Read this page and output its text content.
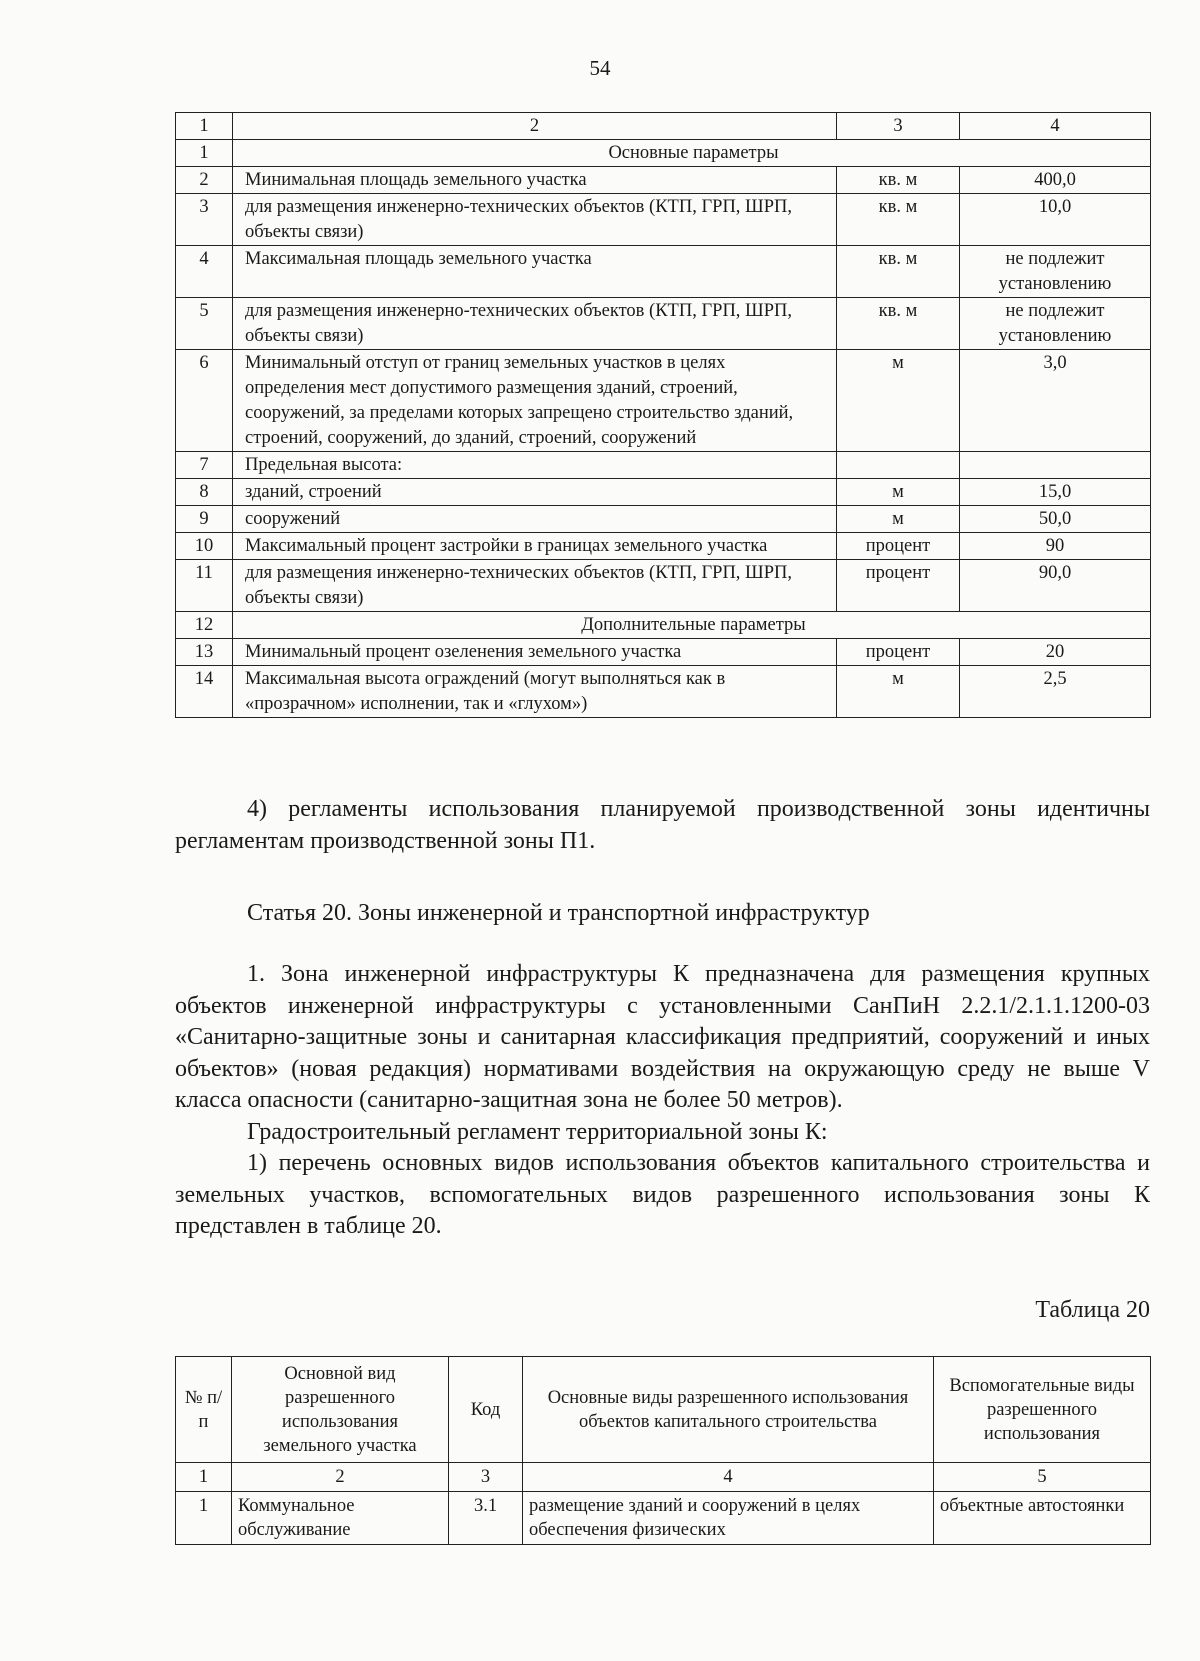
54
1	2	3	4
1	Основные параметры		
2	Минимальная площадь земельного участка	кв. м	400,0
3	для размещения инженерно-технических объектов (КТП, ГРП, ШРП, объекты связи)	кв. м	10,0
4	Максимальная площадь земельного участка	кв. м	не подлежит установлению
5	для размещения инженерно-технических объектов (КТП, ГРП, ШРП, объекты связи)	кв. м	не подлежит установлению
6	Минимальный отступ от границ земельных участков в целях определения мест допустимого размещения зданий, строений, сооружений, за пределами которых запрещено строительство зданий, строений, сооружений, до зданий, строений, сооружений	м	3,0
7	Предельная высота:		
8	зданий, строений	м	15,0
9	сооружений	м	50,0
10	Максимальный процент застройки в границах земельного участка	процент	90
11	для размещения инженерно-технических объектов (КТП, ГРП, ШРП, объекты связи)	процент	90,0
12	Дополнительные параметры		
13	Минимальный процент озеленения земельного участка	процент	20
14	Максимальная высота ограждений (могут выполняться как в «прозрачном» исполнении, так и «глухом»)	м	2,5

4) регламенты использования планируемой производственной зоны идентичны регламентам производственной зоны П1.

Статья 20. Зоны инженерной и транспортной инфраструктур

1. Зона инженерной инфраструктуры К предназначена для размещения крупных объектов инженерной инфраструктуры с установленными СанПиН 2.2.1/2.1.1.1200-03 «Санитарно-защитные зоны и санитарная классификация предприятий, сооружений и иных объектов» (новая редакция) нормативами воздействия на окружающую среду не выше V класса опасности (санитарно-защитная зона не более 50 метров).

Градостроительный регламент территориальной зоны К:

1) перечень основных видов использования объектов капитального строительства и земельных участков, вспомогательных видов разрешенного использования зоны К представлен в таблице 20.

Таблица 20
№ п/п	Основной вид разрешенного использования земельного участка	Код	Основные виды разрешенного использования объектов капитального строительства	Вспомогательные виды разрешенного использования
1	2	3	4	5
1	Коммунальное обслуживание	3.1	размещение зданий и сооружений в целях обеспечения физических	объектные автостоянки
